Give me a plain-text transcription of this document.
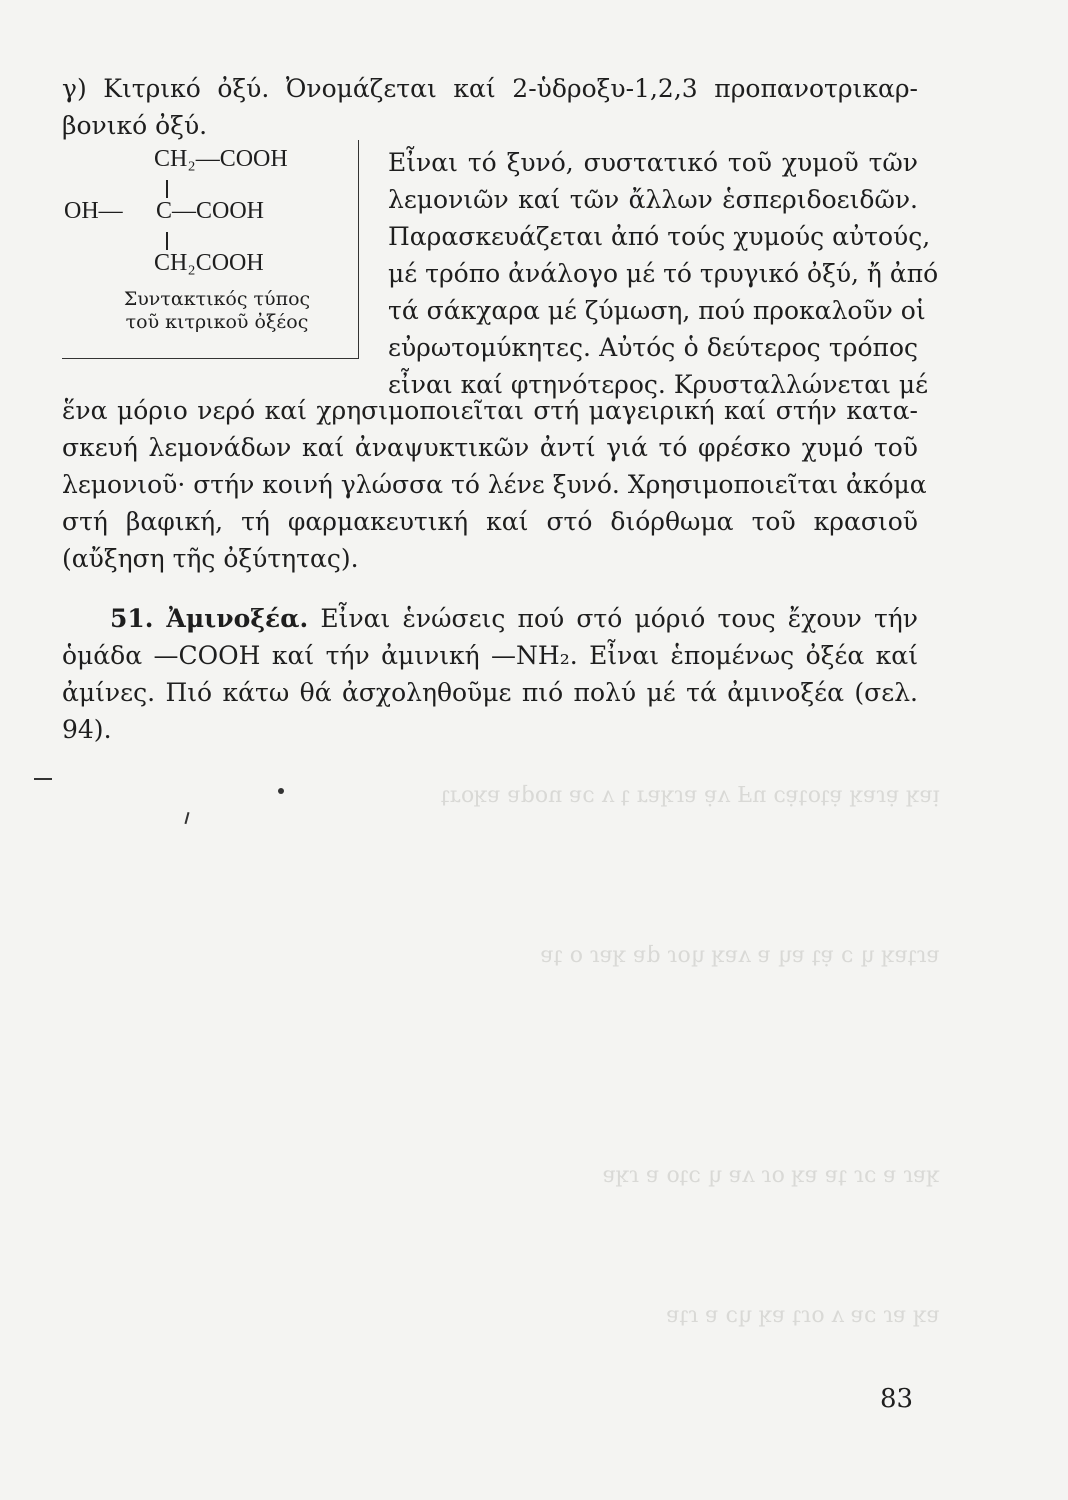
ᴉɐʞ ɐ̣ɾɐʞ ɐ̣ʇoʇɐ̣ɔ nℲ ʌɐ̣ ɐɾʞɐɹ ʇ ʌ ɔɐ nodɐ ɐʞoɹʇ
ɐɾʇɐʞ ɥ ɔ ɐ̣ʇ ɐɥ ɐ ʌɐʞ ɥoɾ dɐ ʞɐɾ o ʇɐ
ʞɐɾ ɐ ɔɾ ʇɐ ɐʞ oɾ ʌɐ ɥ ɔʇo ɐ ɾʞɐ
ɐʞ ɐɾ ɔɐ ʌ oɾʇ ɐʞ ɥɔ ɐ ɾʇɐ
γ) Κιτρικό ὀξύ. Ὀνομάζεται καί 2-ὑδροξυ-1,2,3 προπανοτρικαρ-
βονικό ὀξύ.
CH₂—COOH
OH— C—COOH
CH₂COOH
Συντακτικός τύπος
τοῦ κιτρικοῦ ὀξέος
Εἶναι τό ξυνό, συστατικό τοῦ χυμοῦ τῶν
λεμονιῶν καί τῶν ἄλλων ἑσπεριδοειδῶν.
Παρασκευάζεται ἀπό τούς χυμούς αὐτούς,
μέ τρόπο ἀνάλογο μέ τό τρυγικό ὀξύ, ἤ ἀπό
τά σάκχαρα μέ ζύμωση, πού προκαλοῦν οἱ
εὐρωτομύκητες. Αὐτός ὁ δεύτερος τρόπος
εἶναι καί φτηνότερος. Κρυσταλλώνεται μέ
ἕνα μόριο νερό καί χρησιμοποιεῖται στή μαγειρική καί στήν κατα-
σκευή λεμονάδων καί ἀναψυκτικῶν ἀντί γιά τό φρέσκο χυμό τοῦ
λεμονιοῦ· στήν κοινή γλώσσα τό λένε ξυνό. Χρησιμοποιεῖται ἀκόμα
στή βαφική, τή φαρμακευτική καί στό διόρθωμα τοῦ κρασιοῦ
(αὔξηση τῆς ὀξύτητας).
51. Ἀμινοξέα. Εἶναι ἑνώσεις πού στό μόριό τους ἔχουν τήν
ὁμάδα —COOH καί τήν ἀμινική —NH₂. Εἶναι ἑπομένως ὀξέα καί
ἀμίνες. Πιό κάτω θά ἀσχοληθοῦμε πιό πολύ μέ τά ἀμινοξέα (σελ.
94).
83
